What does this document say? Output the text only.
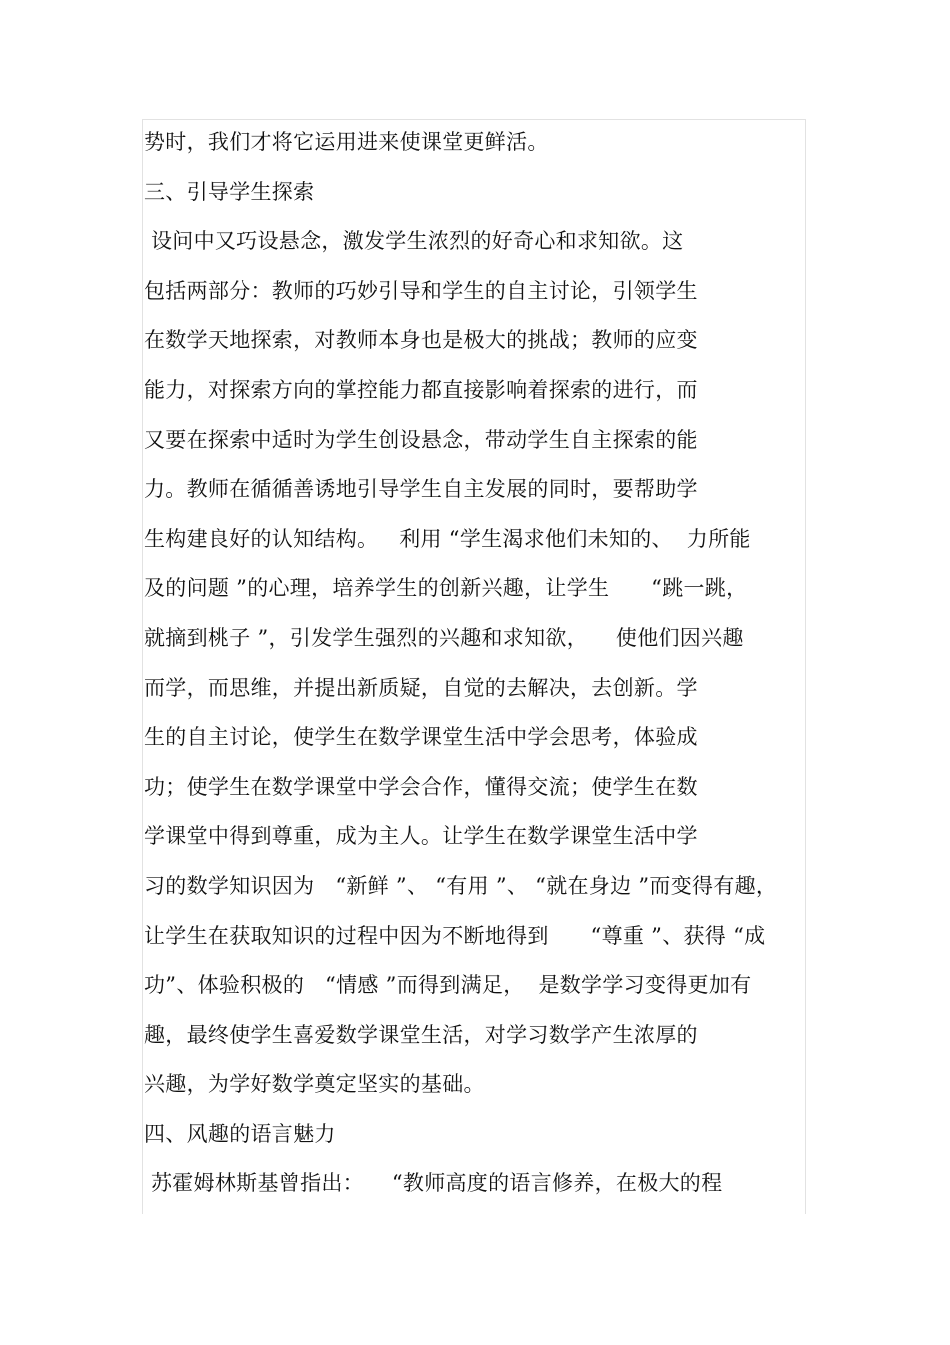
势时，我们才将它运用进来使课堂更鲜活。
三、引导学生探索
设问中又巧设悬念，激发学生浓烈的好奇心和求知欲。这
包括两部分：教师的巧妙引导和学生的自主讨论，引领学生
在数学天地探索，对教师本身也是极大的挑战；教师的应变
能力，对探索方向的掌控能力都直接影响着探索的进行，而
又要在探索中适时为学生创设悬念，带动学生自主探索的能
力。教师在循循善诱地引导学生自主发展的同时，要帮助学
生构建良好的认知结构。   利用 “学生渴求他们未知的、  力所能
及的问题 ”的心理，培养学生的创新兴趣，让学生      “跳一跳，
就摘到桃子 ”，引发学生强烈的兴趣和求知欲，    使他们因兴趣
而学，而思维，并提出新质疑，自觉的去解决，去创新。学
生的自主讨论，使学生在数学课堂生活中学会思考，体验成
功；使学生在数学课堂中学会合作，懂得交流；使学生在数
学课堂中得到尊重，成为主人。让学生在数学课堂生活中学
习的数学知识因为   “新鲜 ”、 “有用 ”、 “就在身边 ”而变得有趣，
让学生在获取知识的过程中因为不断地得到      “尊重 ”、获得 “成
功”、体验积极的   “情感 ”而得到满足，  是数学学习变得更加有
趣，最终使学生喜爱数学课堂生活，对学习数学产生浓厚的
兴趣，为学好数学奠定坚实的基础。
四、风趣的语言魅力
苏霍姆林斯基曾指出：    “教师高度的语言修养，在极大的程
